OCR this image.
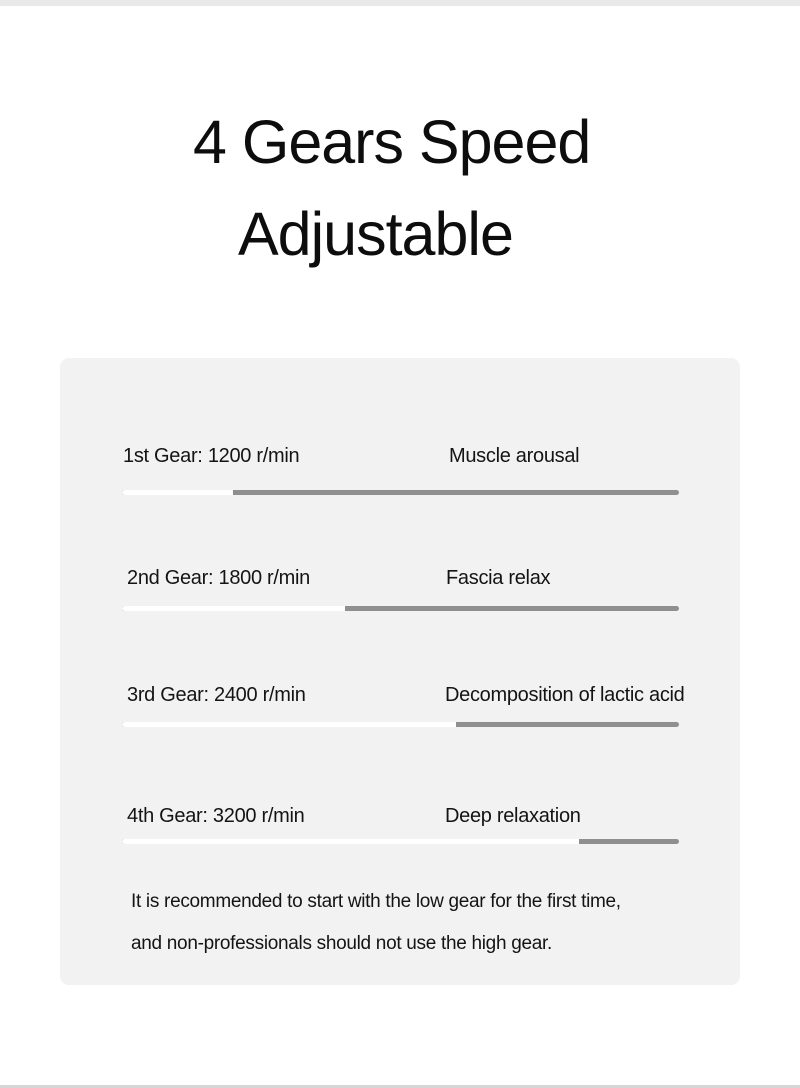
4 Gears Speed
Adjustable
1st Gear: 1200 r/min	Muscle arousal
2nd Gear: 1800 r/min	Fascia relax
3rd Gear: 2400 r/min	Decomposition of lactic acid
4th Gear: 3200 r/min	Deep relaxation
It is recommended to start with the low gear for the first time,
and non-professionals should not use the high gear.
